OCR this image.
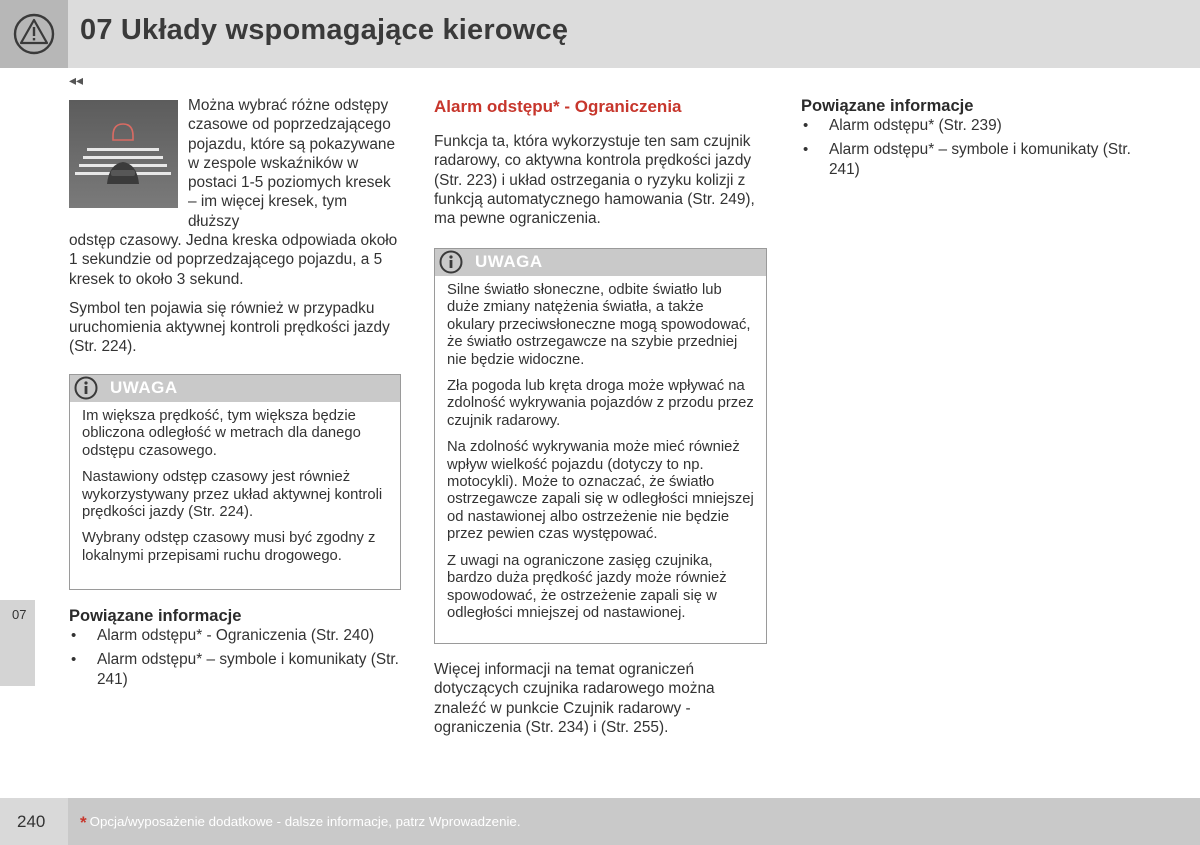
07 Układy wspomagające kierowcę
◂◂
07

Można wybrać różne odstępy czasowe od poprzedzającego pojazdu, które są pokazywane w zespole wskaźników w postaci 1-5 poziomych kresek – im więcej kresek, tym dłuższy

odstęp czasowy. Jedna kreska odpowiada około 1 sekundzie od poprzedzającego pojazdu, a 5 kresek to około 3 sekund.

Symbol ten pojawia się również w przypadku uruchomienia aktywnej kontroli prędkości jazdy (Str. 224).

UWAGA

Im większa prędkość, tym większa będzie obliczona odległość w metrach dla danego odstępu czasowego.

Nastawiony odstęp czasowy jest również wykorzystywany przez układ aktywnej kontroli prędkości jazdy (Str. 224).

Wybrany odstęp czasowy musi być zgodny z lokalnymi przepisami ruchu drogowego.

Powiązane informacje

• Alarm odstępu* - Ograniczenia (Str. 240)
• Alarm odstępu* – symbole i komunikaty (Str. 241)

Alarm odstępu* - Ograniczenia

Funkcja ta, która wykorzystuje ten sam czujnik radarowy, co aktywna kontrola prędkości jazdy (Str. 223) i układ ostrzegania o ryzyku kolizji z funkcją automatycznego hamowania (Str. 249), ma pewne ograniczenia.

UWAGA

Silne światło słoneczne, odbite światło lub duże zmiany natężenia światła, a także okulary przeciwsłoneczne mogą spowodować, że światło ostrzegawcze na szybie przedniej nie będzie widoczne.

Zła pogoda lub kręta droga może wpływać na zdolność wykrywania pojazdów z przodu przez czujnik radarowy.

Na zdolność wykrywania może mieć również wpływ wielkość pojazdu (dotyczy to np. motocykli). Może to oznaczać, że światło ostrzegawcze zapali się w odległości mniejszej od nastawionej albo ostrzeżenie nie będzie przez pewien czas występować.

Z uwagi na ograniczone zasięg czujnika, bardzo duża prędkość jazdy może również spowodować, że ostrzeżenie zapali się w odległości mniejszej od nastawionej.

Więcej informacji na temat ograniczeń dotyczących czujnika radarowego można znaleźć w punkcie Czujnik radarowy - ograniczenia (Str. 234) i (Str. 255).

Powiązane informacje

• Alarm odstępu* (Str. 239)
• Alarm odstępu* – symbole i komunikaty (Str. 241)
240 * Opcja/wyposażenie dodatkowe - dalsze informacje, patrz Wprowadzenie.
